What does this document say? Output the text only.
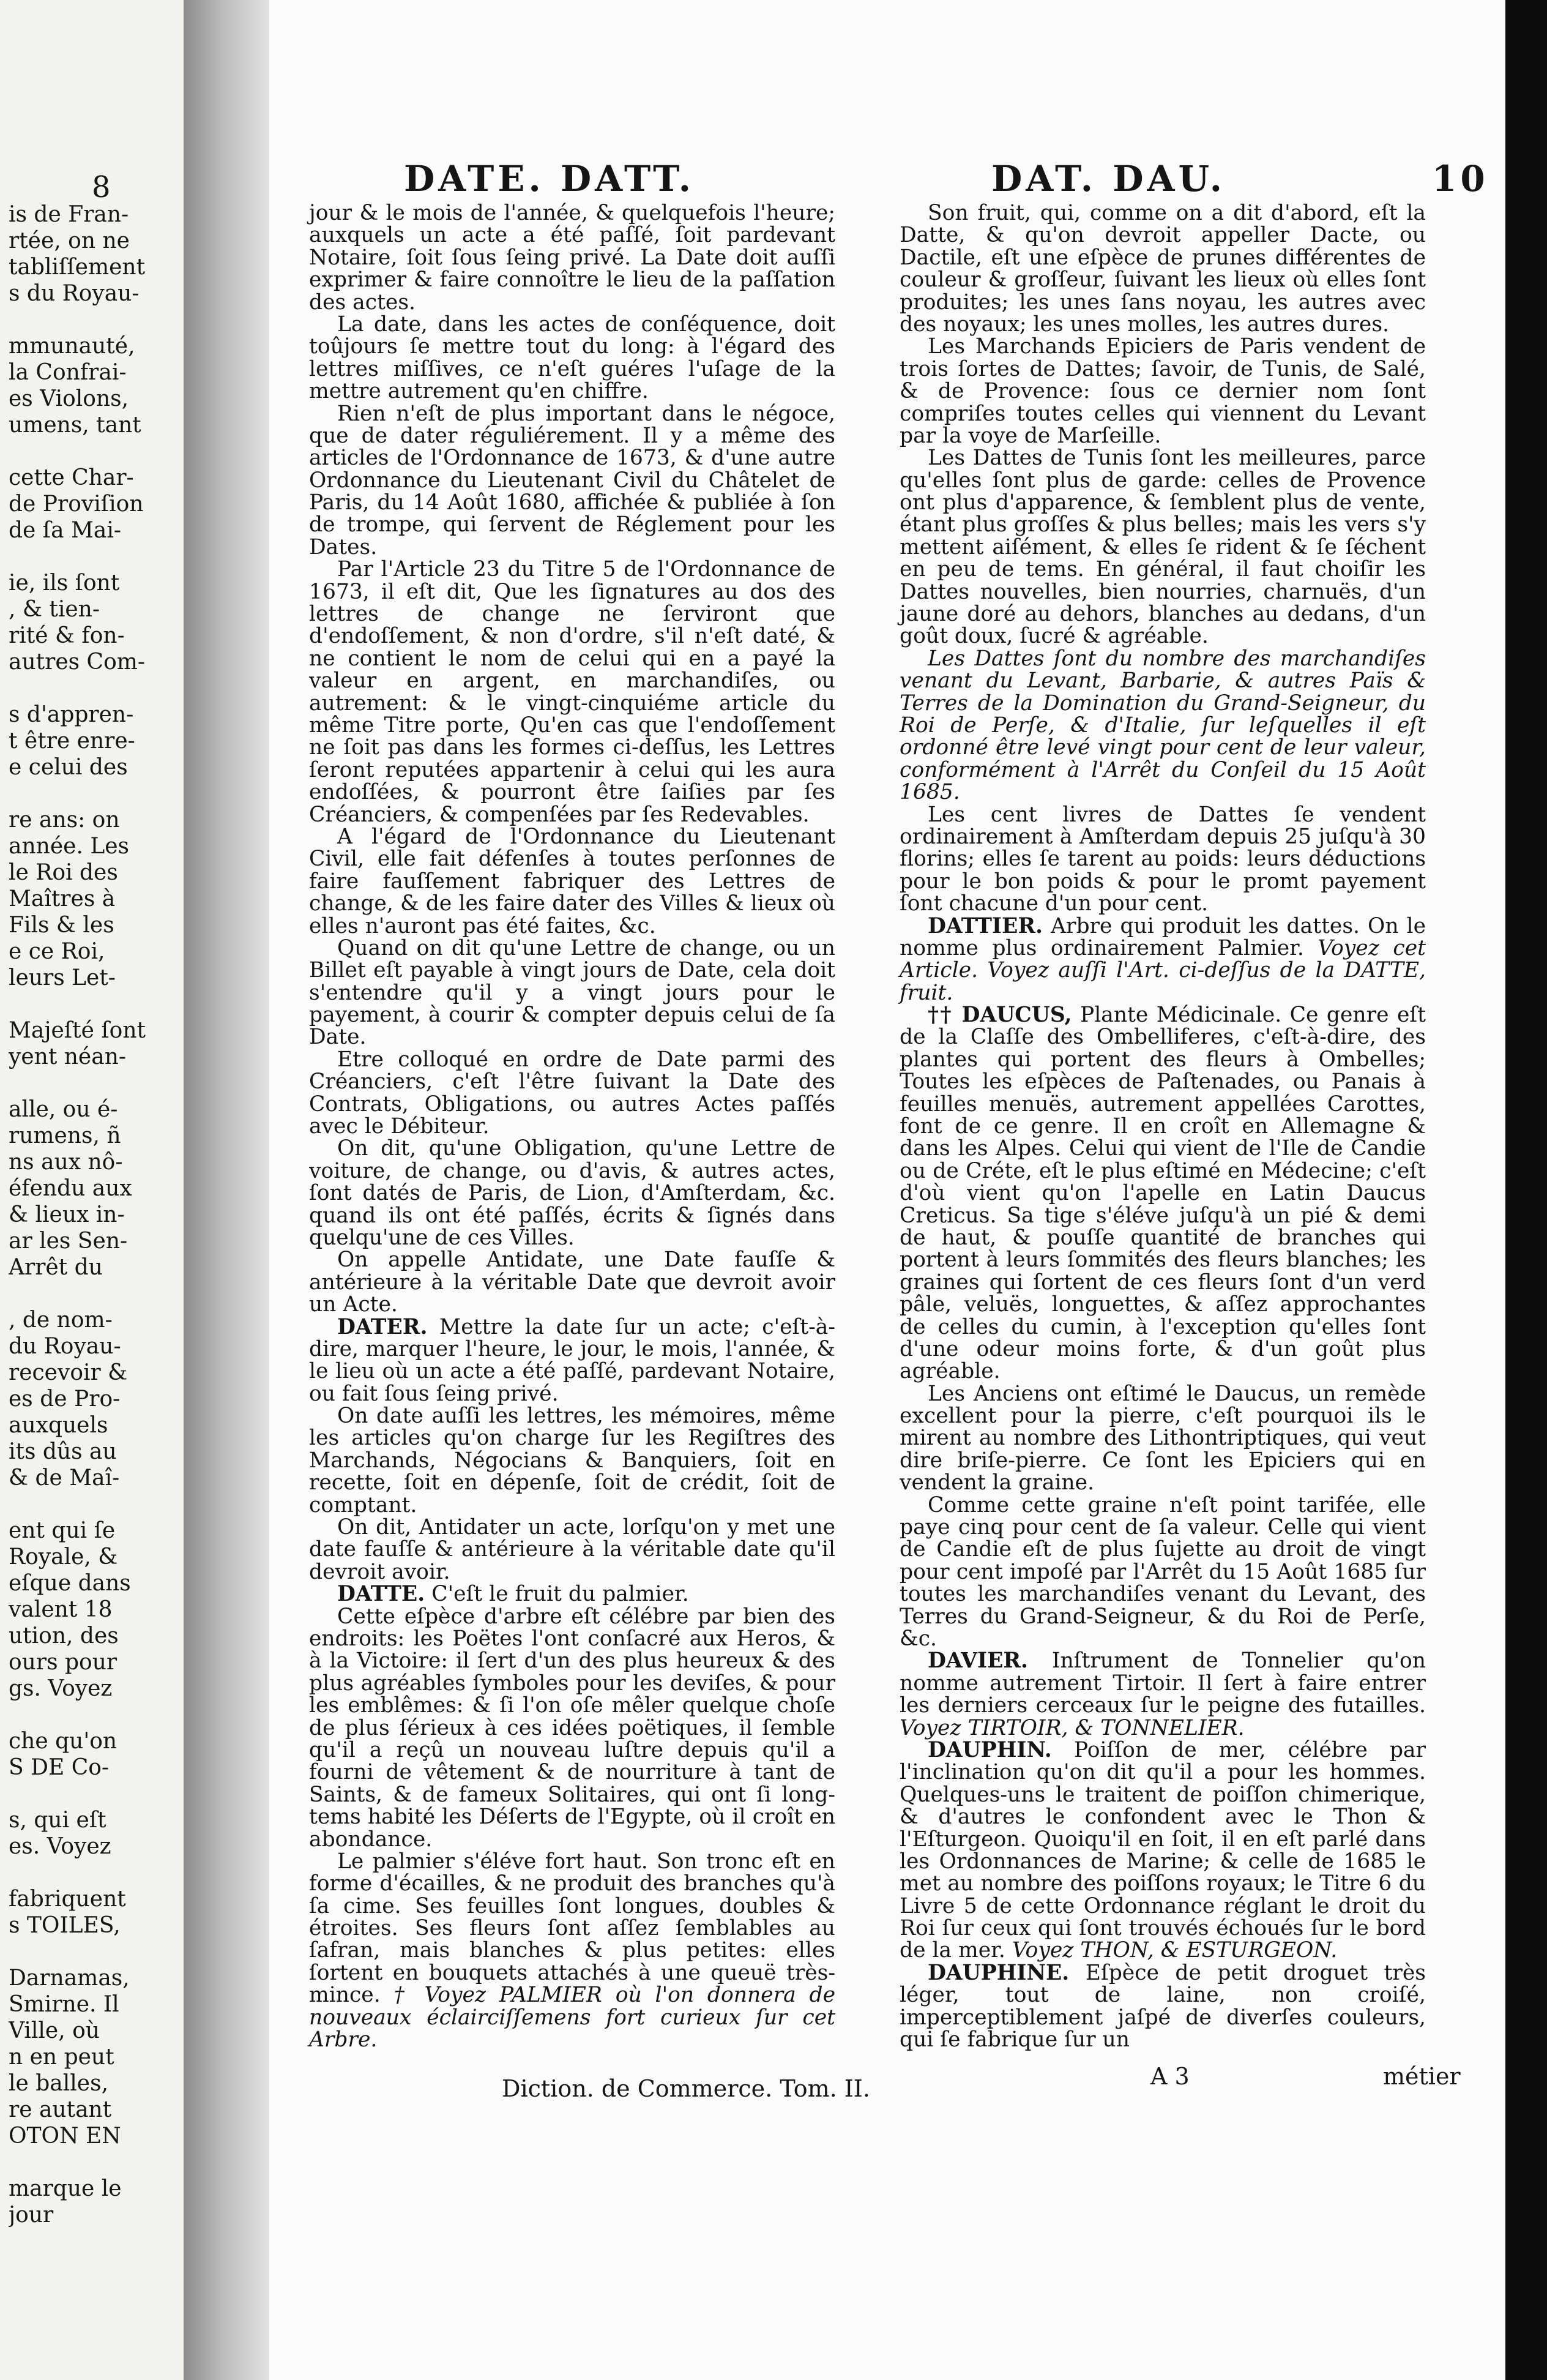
8
is de Fran-
rtée, on ne
tabliſſement
s du Royau-
mmunauté,
la Confrai-
es Violons,
umens, tant
cette Char-
de Proviſion
de ſa Mai-
ie, ils ſont
, & tien-
rité & fon-
autres Com-
s d'appren-
t être enre-
e celui des
re ans: on
année. Les
le Roi des
Maîtres à
Fils & les
e ce Roi,
leurs Let-
Majeſté ſont
yent néan-
alle, ou é-
rumens, ñ
ns aux nô-
éfendu aux
& lieux in-
ar les Sen-
Arrêt du
, de nom-
du Royau-
recevoir &
es de Pro-
auxquels
its dûs au
& de Maî-
ent qui ſe
Royale, &
eſque dans
valent 18
ution, des
ours pour
gs. Voyez
che qu'on
S DE Co-
s, qui eſt
es. Voyez
fabriquent
s TOILES,
Darnamas,
Smirne. Il
Ville, où
n en peut
le balles,
re autant
OTON EN
marque le
jour
DATE. DATT.	DAT. DAU.	10

jour & le mois de l'année, & quelquefois l'heure; auxquels un acte a été paſſé, ſoit pardevant Notaire, ſoit ſous ſeing privé. La Date doit auſſi exprimer & faire connoître le lieu de la paſſation des actes.

La date, dans les actes de conſéquence, doit toûjours ſe mettre tout du long: à l'égard des lettres miſſives, ce n'eſt guéres l'uſage de la mettre autrement qu'en chiffre.

Rien n'eſt de plus important dans le négoce, que de dater réguliérement. Il y a même des articles de l'Ordonnance de 1673, & d'une autre Ordonnance du Lieutenant Civil du Châtelet de Paris, du 14 Août 1680, affichée & publiée à ſon de trompe, qui ſervent de Réglement pour les Dates.

Par l'Article 23 du Titre 5 de l'Ordonnance de 1673, il eſt dit, Que les ſignatures au dos des lettres de change ne ſerviront que d'endoſſement, & non d'ordre, s'il n'eſt daté, & ne contient le nom de celui qui en a payé la valeur en argent, en marchandiſes, ou autrement: & le vingt-cinquiéme article du même Titre porte, Qu'en cas que l'endoſſement ne ſoit pas dans les formes ci-deſſus, les Lettres ſeront reputées appartenir à celui qui les aura endoſſées, & pourront être ſaiſies par ſes Créanciers, & compenſées par ſes Redevables.

A l'égard de l'Ordonnance du Lieutenant Civil, elle fait défenſes à toutes perſonnes de faire fauſſement fabriquer des Lettres de change, & de les faire dater des Villes & lieux où elles n'auront pas été faites, &c.

Quand on dit qu'une Lettre de change, ou un Billet eſt payable à vingt jours de Date, cela doit s'entendre qu'il y a vingt jours pour le payement, à courir & compter depuis celui de ſa Date.

Etre colloqué en ordre de Date parmi des Créanciers, c'eſt l'être ſuivant la Date des Contrats, Obligations, ou autres Actes paſſés avec le Débiteur.

On dit, qu'une Obligation, qu'une Lettre de voiture, de change, ou d'avis, & autres actes, ſont datés de Paris, de Lion, d'Amſterdam, &c. quand ils ont été paſſés, écrits & ſignés dans quelqu'une de ces Villes.

On appelle Antidate, une Date fauſſe & antérieure à la véritable Date que devroit avoir un Acte.

DATER. Mettre la date ſur un acte; c'eſt-à-dire, marquer l'heure, le jour, le mois, l'année, & le lieu où un acte a été paſſé, pardevant Notaire, ou fait ſous ſeing privé.

On date auſſi les lettres, les mémoires, même les articles qu'on charge ſur les Regiſtres des Marchands, Négocians & Banquiers, ſoit en recette, ſoit en dépenſe, ſoit de crédit, ſoit de comptant.

On dit, Antidater un acte, lorſqu'on y met une date fauſſe & antérieure à la véritable date qu'il devroit avoir.

DATTE. C'eſt le fruit du palmier.

Cette eſpèce d'arbre eſt célébre par bien des endroits: les Poëtes l'ont conſacré aux Heros, & à la Victoire: il ſert d'un des plus heureux & des plus agréables ſymboles pour les deviſes, & pour les emblêmes: & ſi l'on oſe mêler quelque choſe de plus ſérieux à ces idées poëtiques, il ſemble qu'il a reçû un nouveau luſtre depuis qu'il a fourni de vêtement & de nourriture à tant de Saints, & de fameux Solitaires, qui ont ſi long-tems habité les Déſerts de l'Egypte, où il croît en abondance.

Le palmier s'éléve fort haut. Son tronc eſt en forme d'écailles, & ne produit des branches qu'à ſa cime. Ses feuilles ſont longues, doubles & étroites. Ses fleurs ſont aſſez ſemblables au ſafran, mais blanches & plus petites: elles ſortent en bouquets attachés à une queuë très-mince. † Voyez PALMIER où l'on donnera de nouveaux éclairciſſemens fort curieux ſur cet Arbre.

Son fruit, qui, comme on a dit d'abord, eſt la Datte, & qu'on devroit appeller Dacte, ou Dactile, eſt une eſpèce de prunes différentes de couleur & groſſeur, ſuivant les lieux où elles ſont produites; les unes ſans noyau, les autres avec des noyaux; les unes molles, les autres dures.

Les Marchands Epiciers de Paris vendent de trois ſortes de Dattes; ſavoir, de Tunis, de Salé, & de Provence: ſous ce dernier nom ſont compriſes toutes celles qui viennent du Levant par la voye de Marſeille.

Les Dattes de Tunis ſont les meilleures, parce qu'elles ſont plus de garde: celles de Provence ont plus d'apparence, & ſemblent plus de vente, étant plus groſſes & plus belles; mais les vers s'y mettent aiſément, & elles ſe rident & ſe ſéchent en peu de tems. En général, il faut choiſir les Dattes nouvelles, bien nourries, charnuës, d'un jaune doré au dehors, blanches au dedans, d'un goût doux, ſucré & agréable.

Les Dattes ſont du nombre des marchandiſes venant du Levant, Barbarie, & autres Païs & Terres de la Domination du Grand-Seigneur, du Roi de Perſe, & d'Italie, ſur leſquelles il eſt ordonné être levé vingt pour cent de leur valeur, conformément à l'Arrêt du Conſeil du 15 Août 1685.

Les cent livres de Dattes ſe vendent ordinairement à Amſterdam depuis 25 juſqu'à 30 florins; elles ſe tarent au poids: leurs déductions pour le bon poids & pour le promt payement ſont chacune d'un pour cent.

DATTIER. Arbre qui produit les dattes. On le nomme plus ordinairement Palmier. Voyez cet Article. Voyez auſſi l'Art. ci-deſſus de la DATTE, fruit.

†† DAUCUS, Plante Médicinale. Ce genre eſt de la Claſſe des Ombelliferes, c'eſt-à-dire, des plantes qui portent des fleurs à Ombelles; Toutes les eſpèces de Paſtenades, ou Panais à feuilles menuës, autrement appellées Carottes, font de ce genre. Il en croît en Allemagne & dans les Alpes. Celui qui vient de l'Ile de Candie ou de Créte, eſt le plus eſtimé en Médecine; c'eſt d'où vient qu'on l'apelle en Latin Daucus Creticus. Sa tige s'éléve juſqu'à un pié & demi de haut, & pouſſe quantité de branches qui portent à leurs ſommités des fleurs blanches; les graines qui ſortent de ces fleurs ſont d'un verd pâle, veluës, longuettes, & aſſez approchantes de celles du cumin, à l'exception qu'elles ſont d'une odeur moins forte, & d'un goût plus agréable.

Les Anciens ont eſtimé le Daucus, un remède excellent pour la pierre, c'eſt pourquoi ils le mirent au nombre des Lithontriptiques, qui veut dire briſe-pierre. Ce ſont les Epiciers qui en vendent la graine.

Comme cette graine n'eſt point tarifée, elle paye cinq pour cent de ſa valeur. Celle qui vient de Candie eſt de plus ſujette au droit de vingt pour cent impoſé par l'Arrêt du 15 Août 1685 ſur toutes les marchandiſes venant du Levant, des Terres du Grand-Seigneur, & du Roi de Perſe, &c.

DAVIER. Inſtrument de Tonnelier qu'on nomme autrement Tirtoir. Il ſert à faire entrer les derniers cerceaux ſur le peigne des futailles. Voyez TIRTOIR, & TONNELIER.

DAUPHIN. Poiſſon de mer, célébre par l'inclination qu'on dit qu'il a pour les hommes. Quelques-uns le traitent de poiſſon chimerique, & d'autres le confondent avec le Thon & l'Eſturgeon. Quoiqu'il en ſoit, il en eſt parlé dans les Ordonnances de Marine; & celle de 1685 le met au nombre des poiſſons royaux; le Titre 6 du Livre 5 de cette Ordonnance réglant le droit du Roi ſur ceux qui ſont trouvés échoués ſur le bord de la mer. Voyez THON, & ESTURGEON.

DAUPHINE. Eſpèce de petit droguet très léger, tout de laine, non croiſé, imperceptiblement jaſpé de diverſes couleurs, qui ſe fabrique ſur un

Diction. de Commerce. Tom. II.	A 3	métier
